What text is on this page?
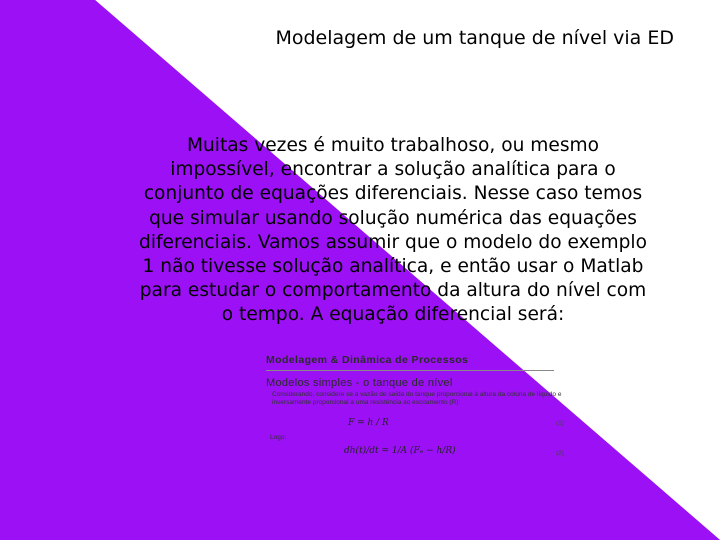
Modelagem de um tanque de nível via ED
Muitas vezes é muito trabalhoso, ou mesmo impossível, encontrar a solução analítica para o conjunto de equações diferenciais. Nesse caso temos que simular usando solução numérica das equações diferenciais. Vamos assumir que o modelo do exemplo 1 não tivesse solução analítica, e então usar o Matlab para estudar o comportamento da altura do nível com o tempo. A equação diferencial será:
Modelagem & Dinâmica de Processos
Modelos simples - o tanque de nível
Considerando, considere se a vazão de saída do tanque proporcional à altura da coluna de líquido e inversamente proporcional a uma resistência ao escoamento (R):
F = h / R	(1)
Logo:
dh(t)/dt = 1/A (Fₑ − h/R)	(2)
